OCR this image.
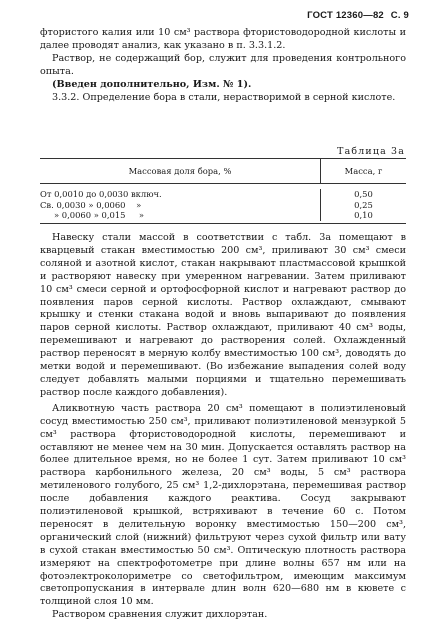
ГОСТ 12360—82 С. 9

фтористого калия или 10 см³ раствора фтористоводородной кислоты и далее проводят анализ, как указано в п. 3.3.1.2.

Раствор, не содержащий бор, служит для проведения контрольного опыта.

(Введен дополнительно, Изм. № 1).

3.3.2. Определение бора в стали, нерастворимой в серной кислоте.

Таблица 3а
Массовая доля бора, %	Масса, г
От 0,0010 до 0,0030 включ.
Св. 0,0030 » 0,0060    »
» 0,0060 » 0,015     »
0,50
0,25
0,10

Навеску стали массой в соответствии с табл. 3а помещают в кварцевый стакан вместимостью 200 см³, приливают 30 см³ смеси соляной и азотной кислот, стакан накрывают пластмассовой крышкой и растворяют навеску при умеренном нагревании. Затем приливают 10 см³ смеси серной и ортофосфорной кислот и нагревают раствор до появления паров серной кислоты. Раствор охлаждают, смывают крышку и стенки стакана водой и вновь выпаривают до появления паров серной кислоты. Раствор охлаждают, приливают 40 см³ воды, перемешивают и нагревают до растворения солей. Охлажденный раствор переносят в мерную колбу вместимостью 100 см³, доводять до метки водой и перемешивают. (Во избежание выпадения солей воду следует добавлять малыми порциями и тщательно перемешивать раствор после каждого добавления).

Аликвотную часть раствора 20 см³ помещают в полиэтиленовый сосуд вместимостью 250 см³, приливают полиэтиленовой мензуркой 5 см³ раствора фтористоводородной кислоты, перемешивают и оставляют не менее чем на 30 мин. Допускается оставлять раствор на более длительное время, но не более 1 сут. Затем приливают 10 см³ раствора карбонильного железа, 20 см³ воды, 5 см³ раствора метиленового голубого, 25 см³ 1,2-дихлорэтана, перемешивая раствор после добавления каждого реактива. Сосуд закрывают полиэтиленовой крышкой, встряхивают в течение 60 с. Потом переносят в делительную воронку вместимостью 150—200 см³, органический слой (нижний) фильтруют через сухой фильтр или вату в сухой стакан вместимостью 50 см³. Оптическую плотность раствора измеряют на спектрофотометре при длине волны 657 нм или на фотоэлектроколориметре со светофильтром, имеющим максимум светопропускания в интервале длин волн 620—680 нм в кювете с толщиной слоя 10 мм.

Раствором сравнения служит дихлорэтан.
